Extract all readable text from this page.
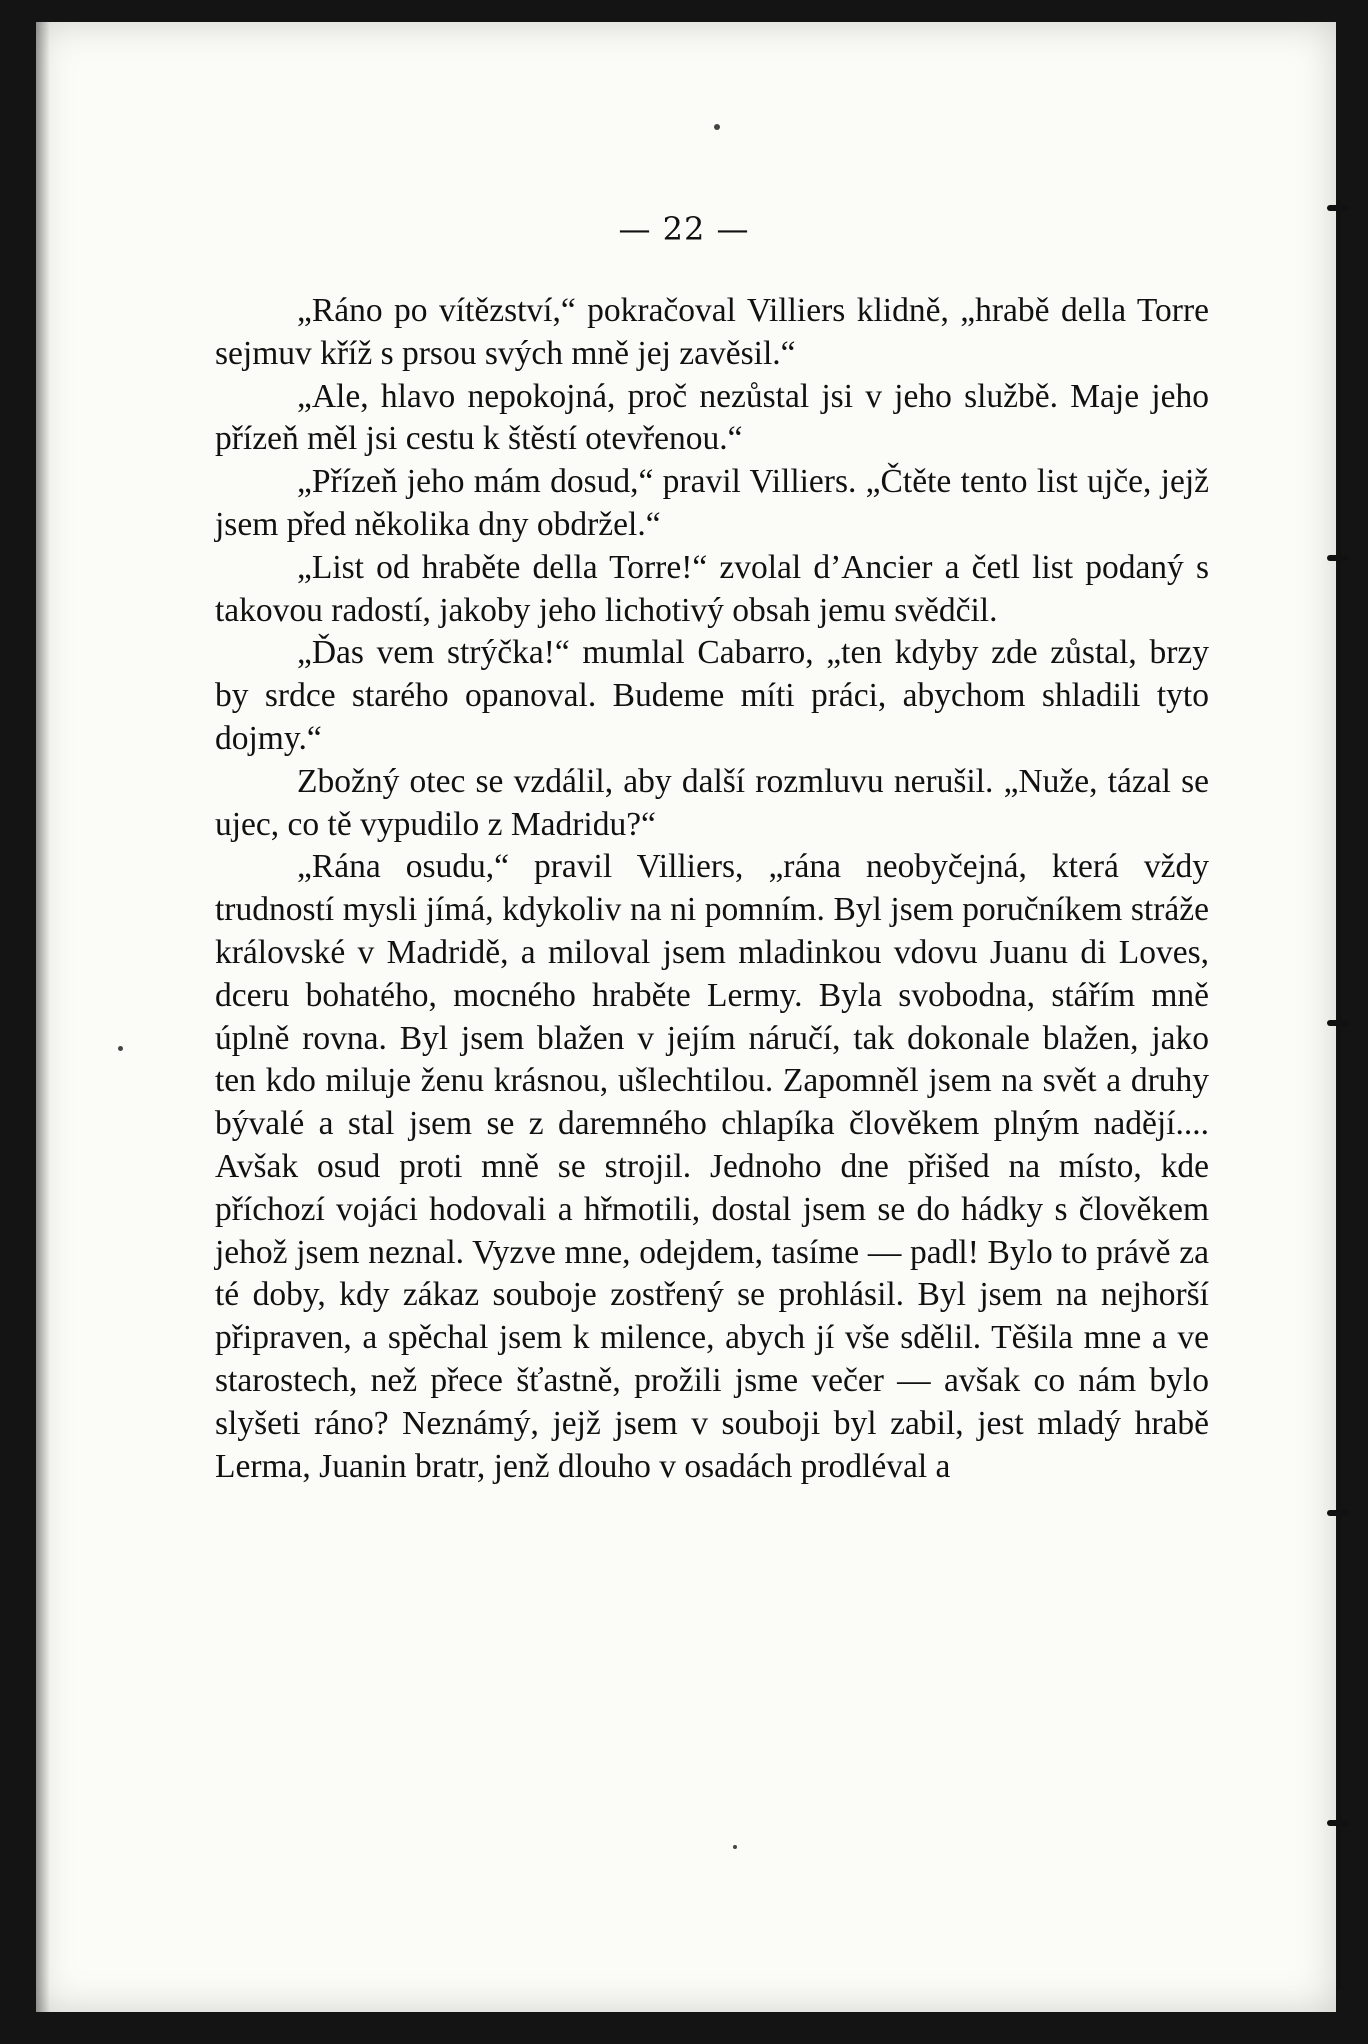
— 22 —

„Ráno po vítězství,“ pokračoval Villiers klidně, „hrabě della Torre sejmuv kříž s prsou svých mně jej zavěsil.“

„Ale, hlavo nepokojná, proč nezůstal jsi v jeho službě. Maje jeho přízeň měl jsi cestu k štěstí otevřenou.“

„Přízeň jeho mám dosud,“ pravil Villiers. „Čtěte tento list ujče, jejž jsem před několika dny obdržel.“

„List od hraběte della Torre!“ zvolal d’Ancier a četl list podaný s takovou radostí, jakoby jeho lichotivý obsah jemu svědčil.

„Ďas vem strýčka!“ mumlal Cabarro, „ten kdyby zde zůstal, brzy by srdce starého opanoval. Budeme míti práci, abychom shladili tyto dojmy.“

Zbožný otec se vzdálil, aby další rozmluvu nerušil. „Nuže, tázal se ujec, co tě vypudilo z Madridu?“

„Rána osudu,“ pravil Villiers, „rána neobyčejná, která vždy trudností mysli jímá, kdykoliv na ni pomním. Byl jsem poručníkem stráže královské v Madridě, a miloval jsem mladinkou vdovu Juanu di Loves, dceru bohatého, mocného hraběte Lermy. Byla svobodna, stářím mně úplně rovna. Byl jsem blažen v jejím náručí, tak dokonale blažen, jako ten kdo miluje ženu krásnou, ušlechtilou. Zapomněl jsem na svět a druhy bývalé a stal jsem se z daremného chlapíka člověkem plným nadějí.... Avšak osud proti mně se strojil. Jednoho dne přišed na místo, kde příchozí vojáci hodovali a hřmotili, dostal jsem se do hádky s člověkem jehož jsem neznal. Vyzve mne, odejdem, tasíme — padl! Bylo to právě za té doby, kdy zákaz souboje zostřený se prohlásil. Byl jsem na nejhorší připraven, a spěchal jsem k milence, abych jí vše sdělil. Těšila mne a ve starostech, než přece šťastně, prožili jsme večer — avšak co nám bylo slyšeti ráno? Neznámý, jejž jsem v souboji byl zabil, jest mladý hrabě Lerma, Juanin bratr, jenž dlouho v osadách prodléval a
